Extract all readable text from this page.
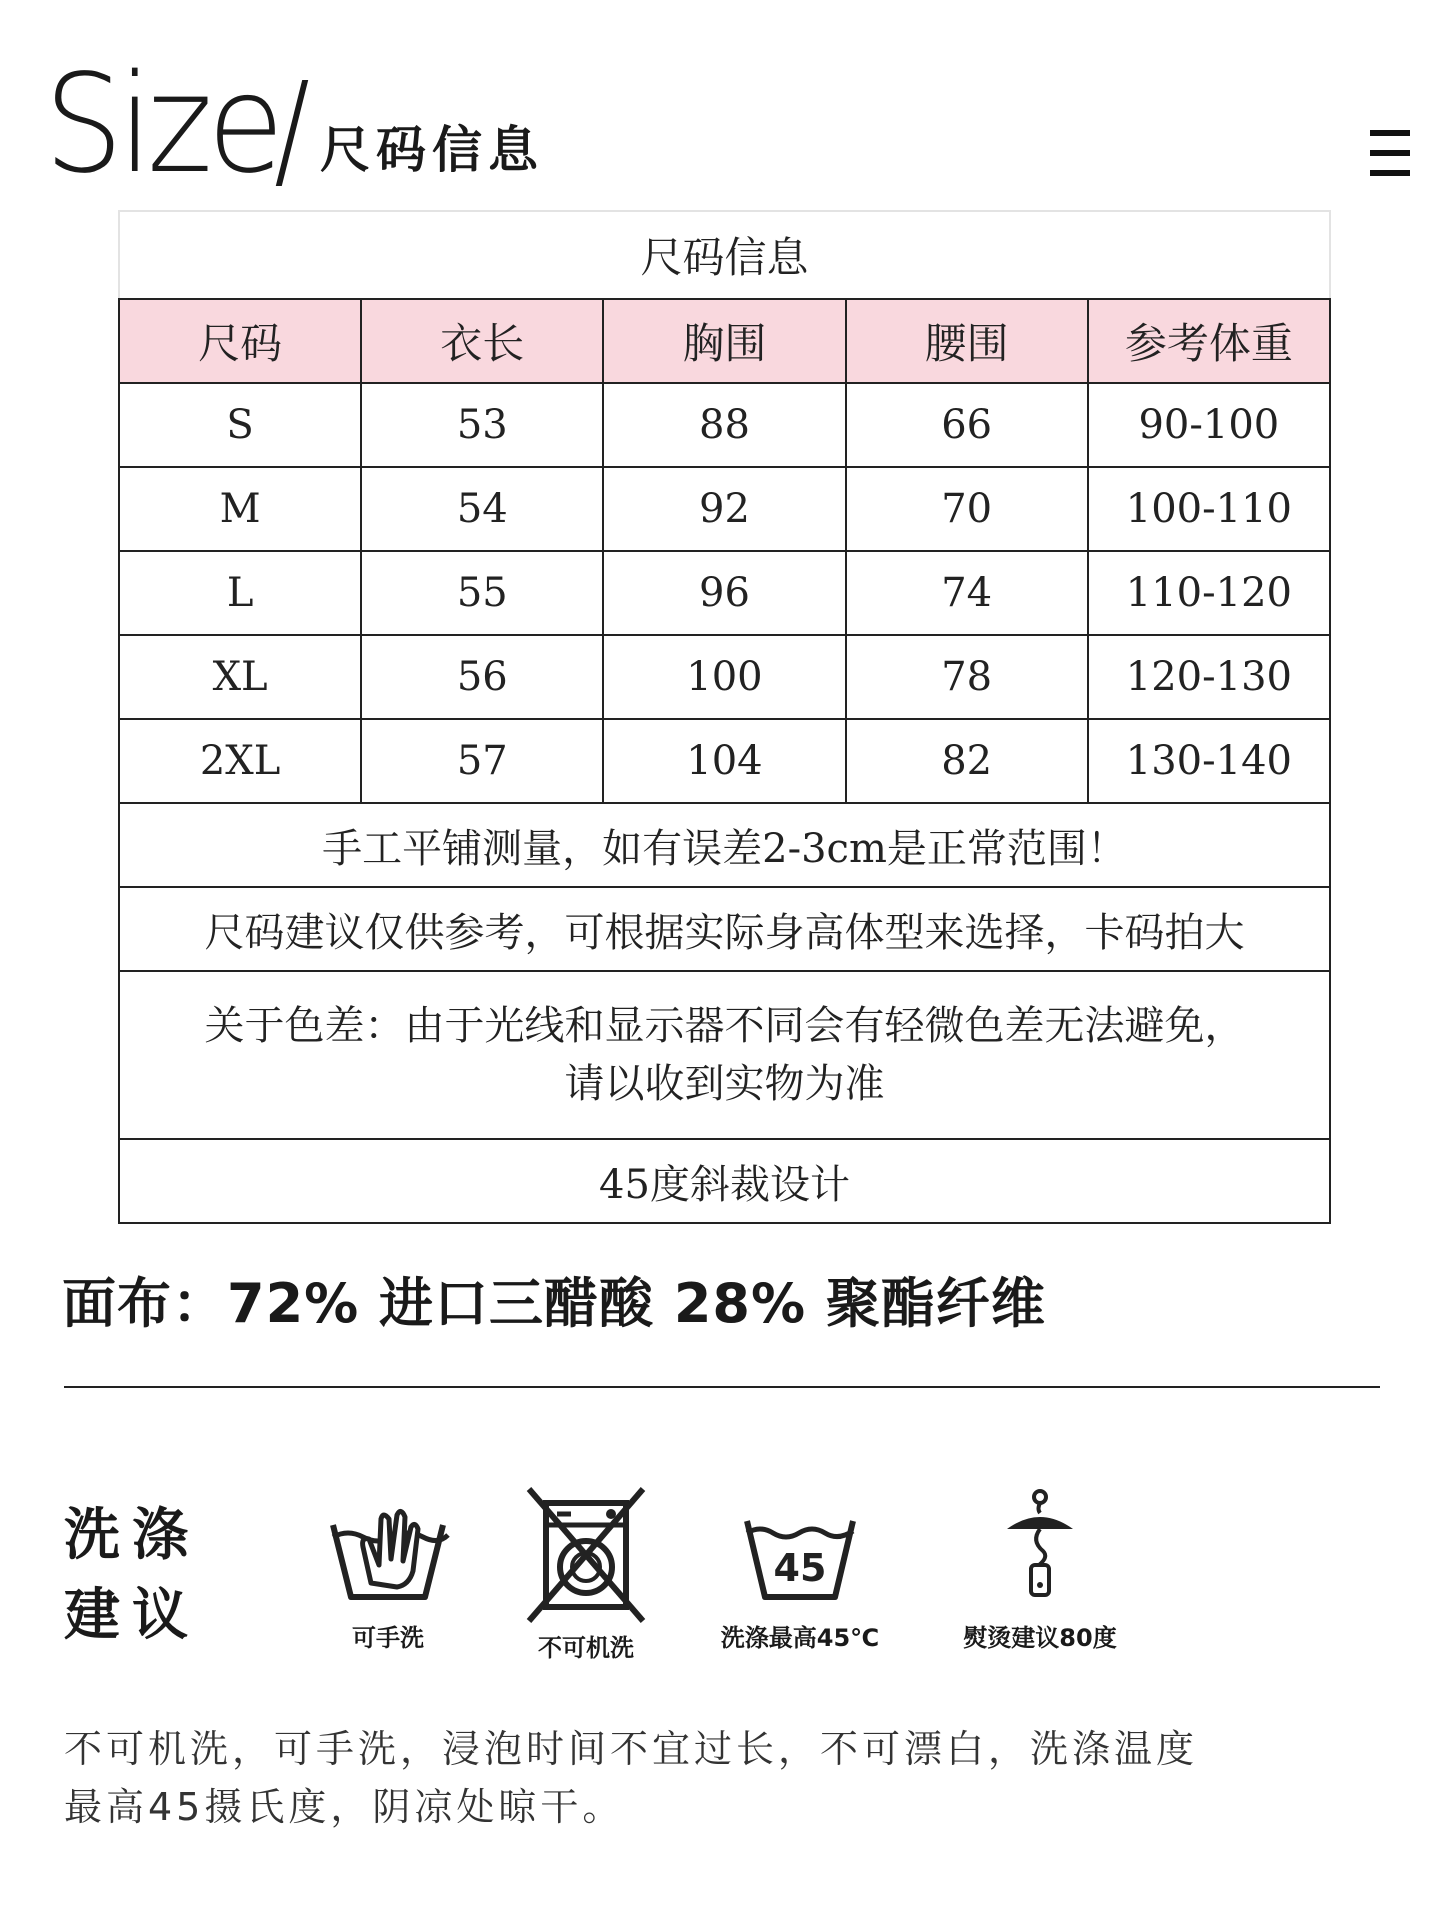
Size 尺码信息
尺码信息				
尺码	衣长	胸围	腰围	参考体重
S	53	88	66	90-100
M	54	92	70	100-110
L	55	96	74	110-120
XL	56	100	78	120-130
2XL	57	104	82	130-140
手工平铺测量，如有误差2-3cm是正常范围！				
尺码建议仅供参考，可根据实际身高体型来选择，卡码拍大				

关于色差：由于光线和显示器不同会有轻微色差无法避免，
请以收到实物为准				

45度斜裁设计				
面布：72% 进口三醋酸 28% 聚酯纤维
洗涤
建议	可手洗	不可机洗
45
洗涤最高45℃	熨烫建议80度
不可机洗，可手洗，浸泡时间不宜过长，不可漂白，洗涤温度
最高45摄氏度，阴凉处晾干。
